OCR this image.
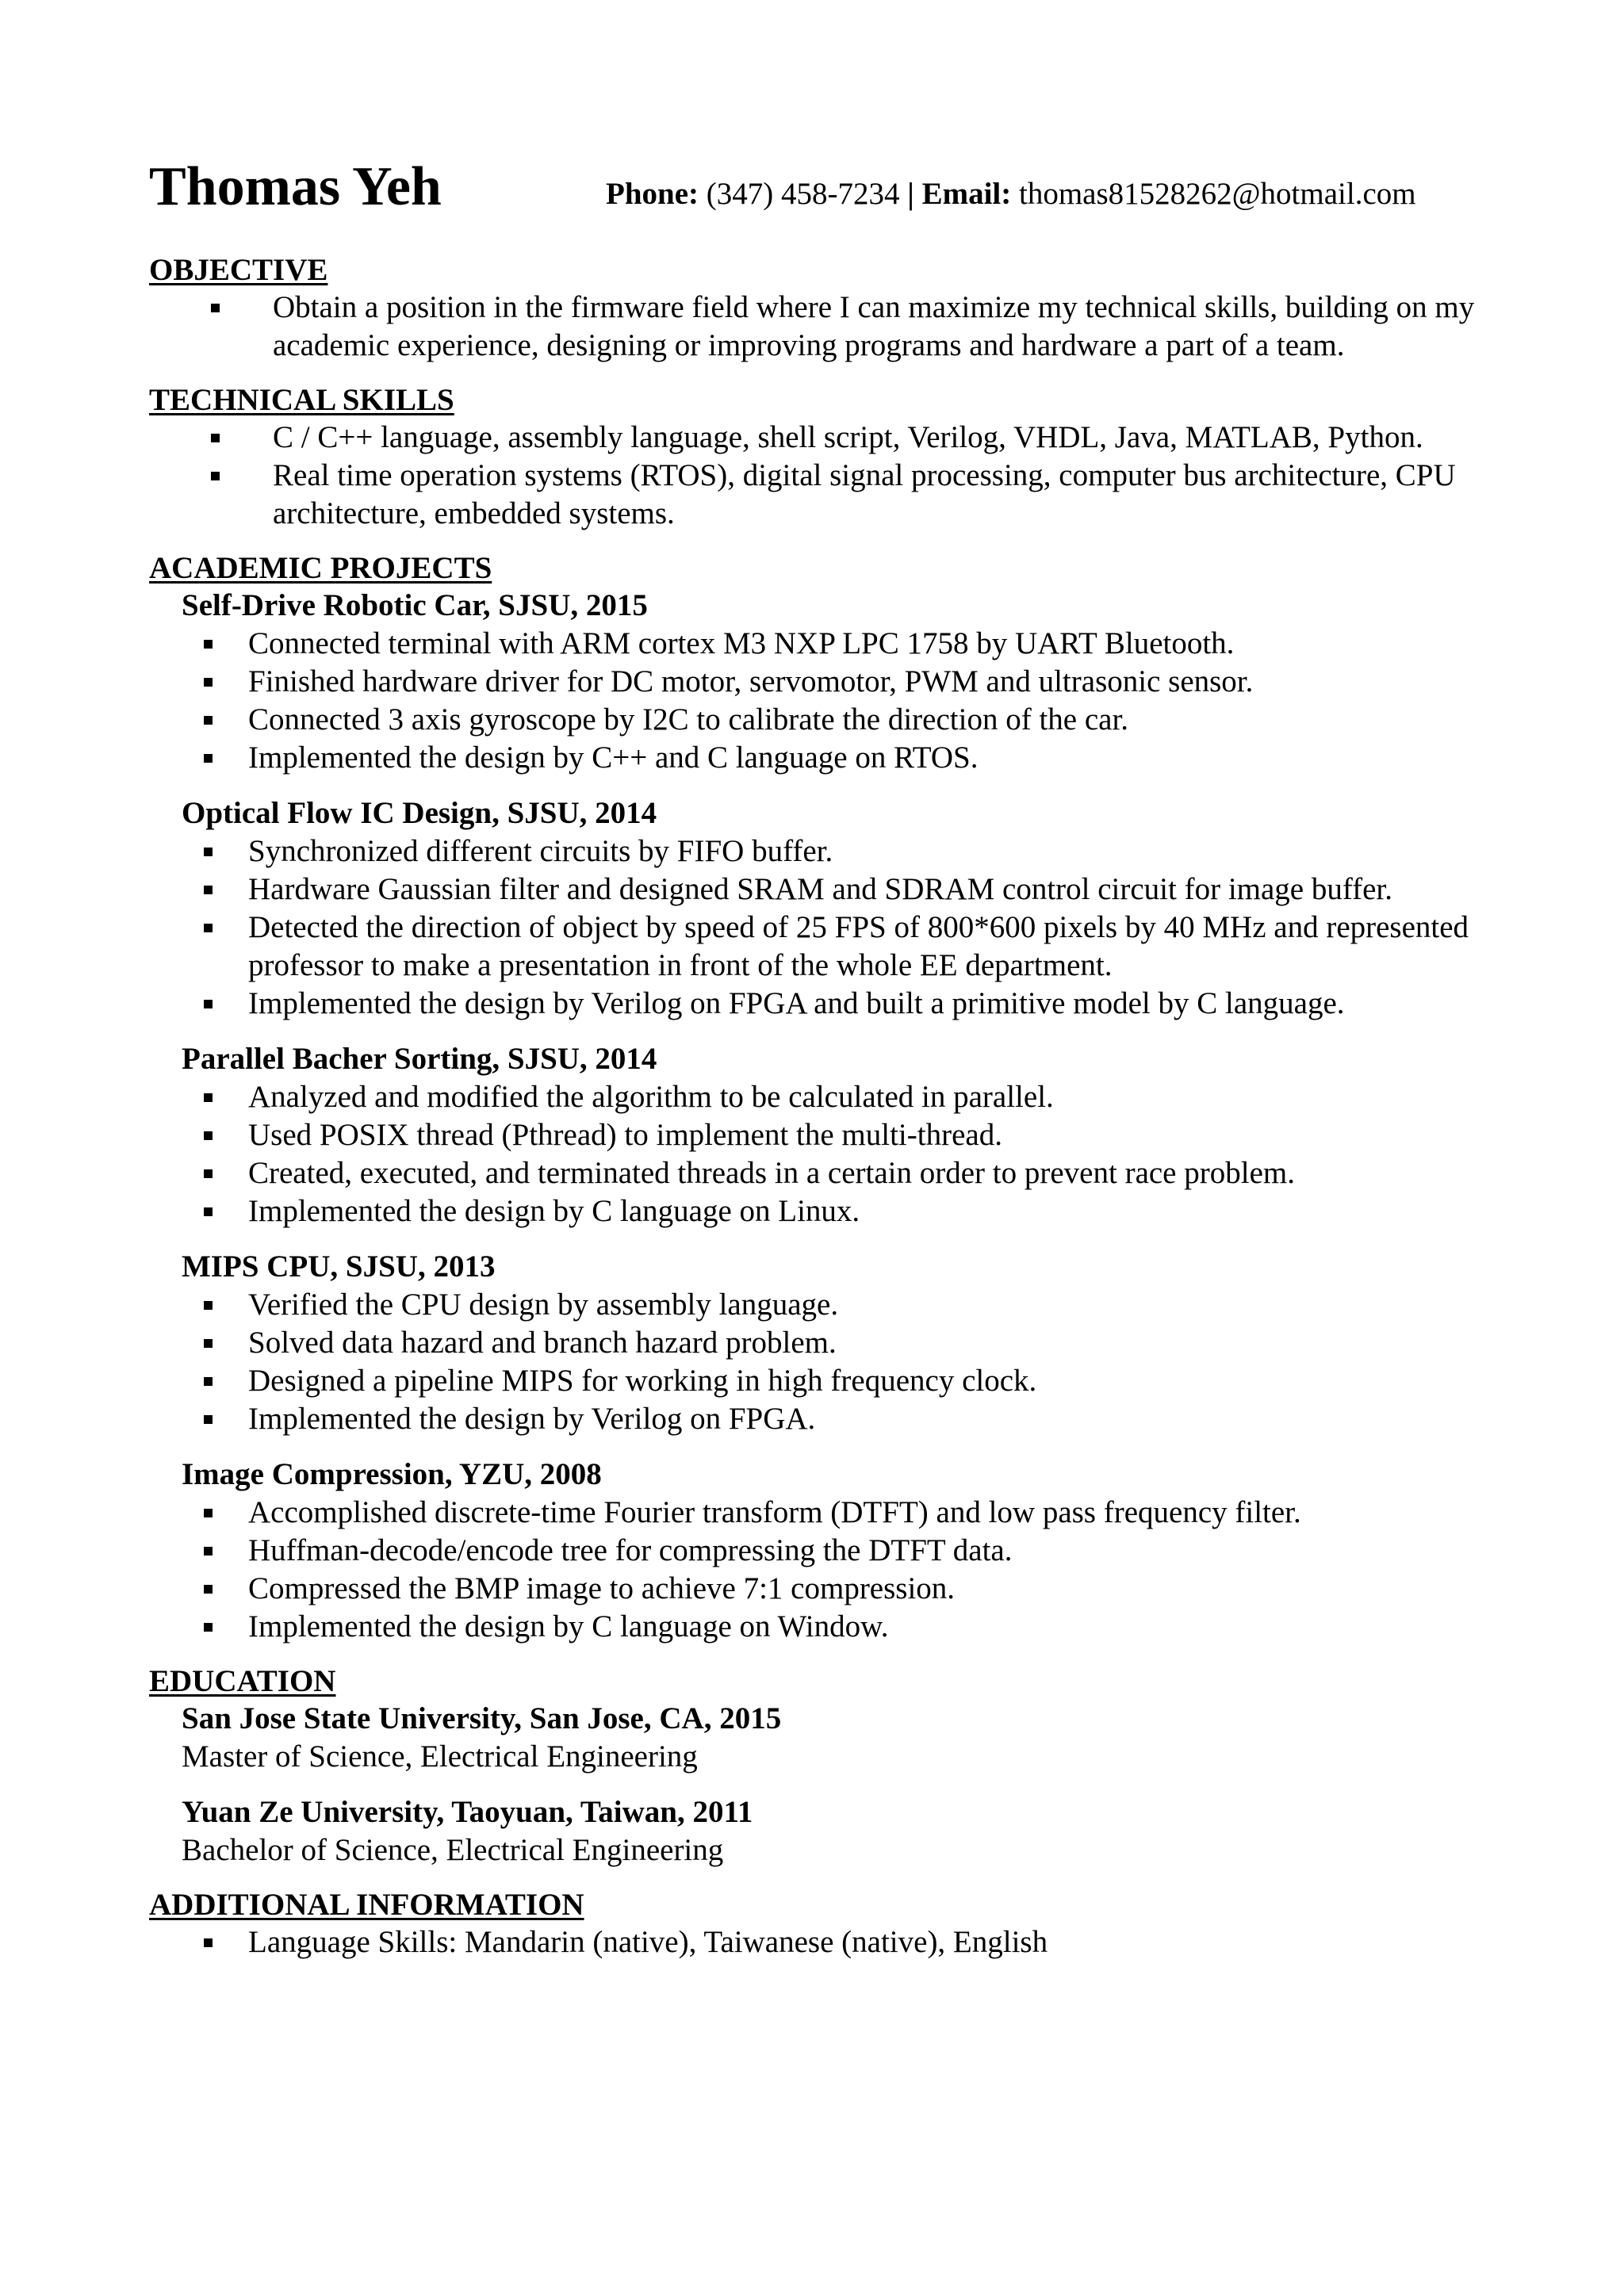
Thomas Yeh	Phone: (347) 458-7234 | Email: thomas81528262@hotmail.com
OBJECTIVE
Obtain a position in the firmware field where I can maximize my technical skills, building on my academic experience, designing or improving programs and hardware a part of a team.
TECHNICAL SKILLS
C / C++ language, assembly language, shell script, Verilog, VHDL, Java, MATLAB, Python.
Real time operation systems (RTOS), digital signal processing, computer bus architecture, CPU architecture, embedded systems.
ACADEMIC PROJECTS
Self-Drive Robotic Car, SJSU, 2015
Connected terminal with ARM cortex M3 NXP LPC 1758 by UART Bluetooth.
Finished hardware driver for DC motor, servomotor, PWM and ultrasonic sensor.
Connected 3 axis gyroscope by I2C to calibrate the direction of the car.
Implemented the design by C++ and C language on RTOS.
Optical Flow IC Design, SJSU, 2014
Synchronized different circuits by FIFO buffer.
Hardware Gaussian filter and designed SRAM and SDRAM control circuit for image buffer.
Detected the direction of object by speed of 25 FPS of 800*600 pixels by 40 MHz and represented professor to make a presentation in front of the whole EE department.
Implemented the design by Verilog on FPGA and built a primitive model by C language.
Parallel Bacher Sorting, SJSU, 2014
Analyzed and modified the algorithm to be calculated in parallel.
Used POSIX thread (Pthread) to implement the multi-thread.
Created, executed, and terminated threads in a certain order to prevent race problem.
Implemented the design by C language on Linux.
MIPS CPU, SJSU, 2013
Verified the CPU design by assembly language.
Solved data hazard and branch hazard problem.
Designed a pipeline MIPS for working in high frequency clock.
Implemented the design by Verilog on FPGA.
Image Compression, YZU, 2008
Accomplished discrete-time Fourier transform (DTFT) and low pass frequency filter.
Huffman-decode/encode tree for compressing the DTFT data.
Compressed the BMP image to achieve 7:1 compression.
Implemented the design by C language on Window.
EDUCATION
San Jose State University, San Jose, CA, 2015
Master of Science, Electrical Engineering
Yuan Ze University, Taoyuan, Taiwan, 2011
Bachelor of Science, Electrical Engineering
ADDITIONAL INFORMATION
Language Skills: Mandarin (native), Taiwanese (native), English
